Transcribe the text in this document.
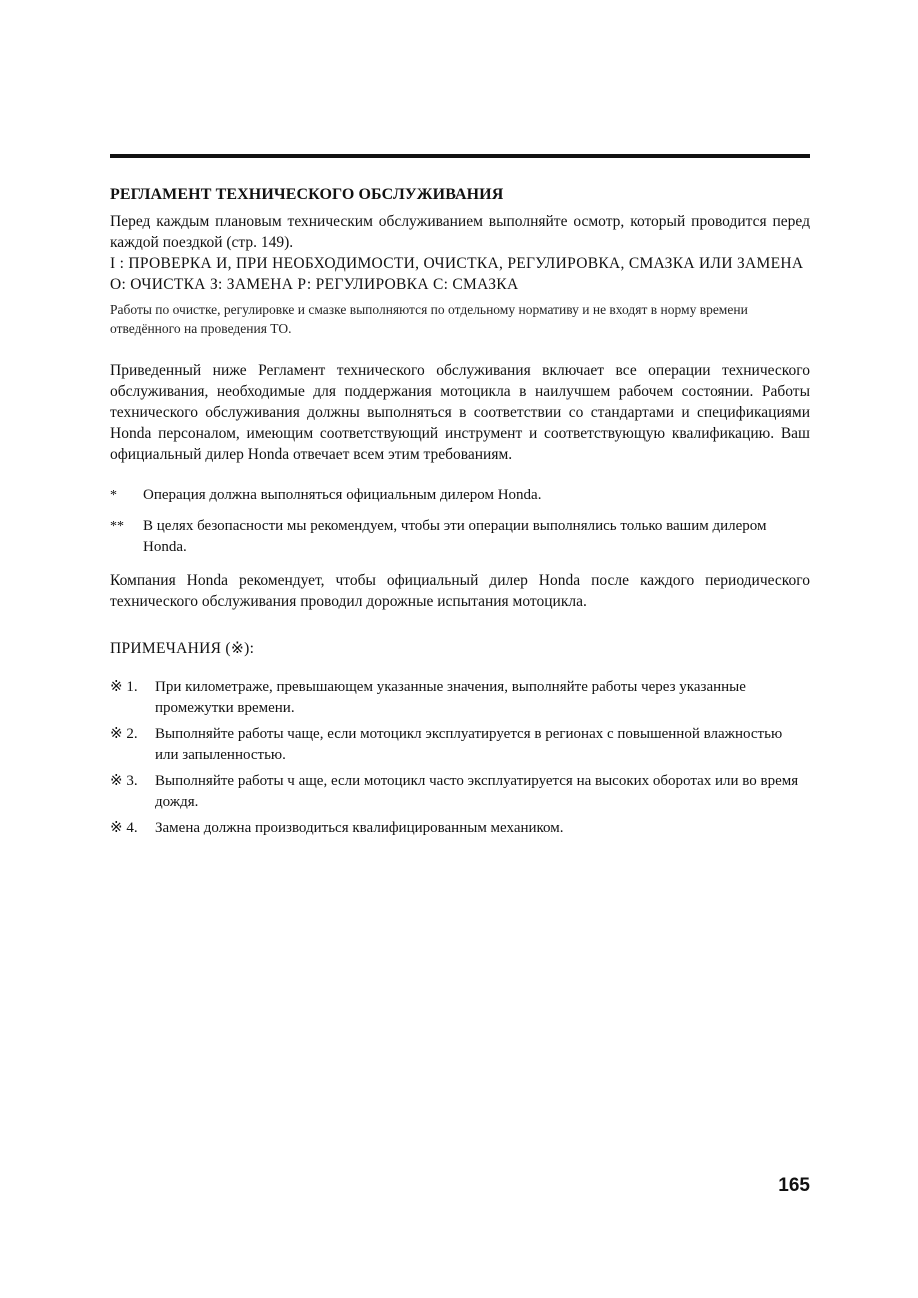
РЕГЛАМЕНТ ТЕХНИЧЕСКОГО ОБСЛУЖИВАНИЯ

Перед каждым плановым техническим обслуживанием выполняйте осмотр, который проводится перед каждой поездкой (стр. 149).

I : ПРОВЕРКА И, ПРИ НЕОБХОДИМОСТИ, ОЧИСТКА, РЕГУЛИРОВКА, СМАЗКА ИЛИ ЗАМЕНА

О: ОЧИСТКА З: ЗАМЕНА Р: РЕГУЛИРОВКА С: СМАЗКА

Работы по очистке, регулировке и смазке выполняются по отдельному нормативу и не входят в норму времени отведённого на проведения ТО.

Приведенный ниже Регламент технического обслуживания включает все операции технического обслуживания, необходимые для поддержания мотоцикла в наилучшем рабочем состоянии. Работы технического обслуживания должны выполняться в соответствии со стандартами и спецификациями Honda персоналом, имеющим соответствующий инструмент и соответствующую квалификацию. Ваш официальный дилер Honda отвечает всем этим требованиям.

*	Операция должна выполняться официальным дилером Honda.
**	В целях безопасности мы рекомендуем, чтобы эти операции выполнялись только вашим дилером Honda.

Компания Honda рекомендует, чтобы официальный дилер Honda после каждого периодического технического обслуживания проводил дорожные испытания мотоцикла.

ПРИМЕЧАНИЯ (※):

※ 1.	При километраже, превышающем указанные значения, выполняйте работы через указанные промежутки времени.
※ 2.	Выполняйте работы чаще, если мотоцикл эксплуатируется в регионах с повышенной влажностью или запыленностью.
※ 3.	Выполняйте работы ч аще, если мотоцикл часто эксплуатируется на высоких оборотах или во время дождя.
※ 4.	Замена должна производиться квалифицированным механиком.
165
